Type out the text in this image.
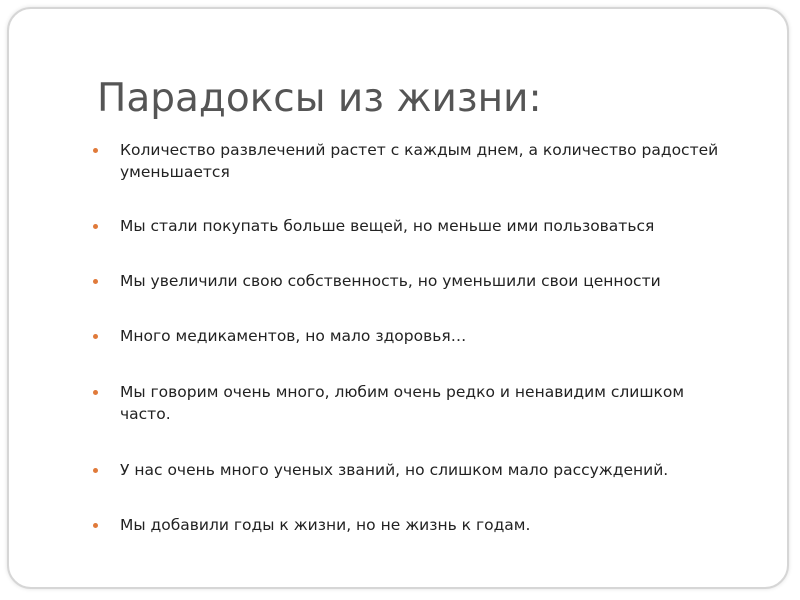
Парадоксы из жизни:
Количество развлечений растет с каждым днем, а количество радостей уменьшается
Мы стали покупать больше вещей, но меньше ими пользоваться
Мы увеличили свою собственность, но уменьшили свои ценности
Много медикаментов, но мало здоровья…
Мы говорим очень много, любим очень редко и ненавидим слишком часто.
У нас очень много ученых званий, но слишком мало рассуждений.
Мы добавили годы к жизни, но не жизнь к годам.
